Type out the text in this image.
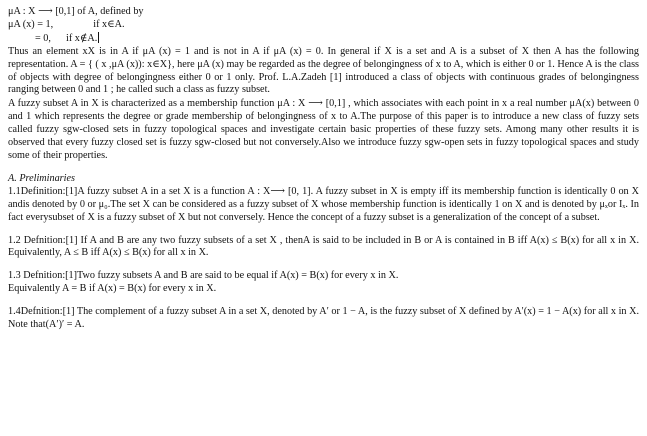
μA : X ⟶ [0,1] of A, defined by
μA (x) = 1,	if x∈A.
= 0, if x∉A.

Thus an element xX is in A if μA (x) = 1 and is not in A if μA (x) = 0. In general if X is a set and A is a subset of X then A has the following representation. A = { ( x ,μA (x)): x∈X}, here μA (x) may be regarded as the degree of belongingness of x to A, which is either 0 or 1. Hence A is the class of objects with degree of belongingness either 0 or 1 only. Prof. L.A.Zadeh [1] introduced a class of objects with continuous grades of belongingness ranging between 0 and 1 ; he called such a class as fuzzy subset.

A fuzzy subset A in X is characterized as a membership function μA : X ⟶ [0,1] , which associates with each point in x a real number μA(x) between 0 and 1 which represents the degree or grade membership of belongingness of x to A.The purpose of this paper is to introduce a new class of fuzzy sets called fuzzy sgw-closed sets in fuzzy topological spaces and investigate certain basic properties of these fuzzy sets. Among many other results it is observed that every fuzzy closed set is fuzzy sgw-closed but not conversely.Also we introduce fuzzy sgw-open sets in fuzzy topological spaces and study some of their properties.

A. Preliminaries

1.1Definition:[1]A fuzzy subset A in a set X is a function A : X⟶ [0, 1]. A fuzzy subset in X is empty iff its membership function is identically 0 on X andis denoted by 0 or μ₀.The set X can be considered as a fuzzy subset of X whose membership function is identically 1 on X and is denoted by μₓor Iₓ. In fact everysubset of X is a fuzzy subset of X but not conversely. Hence the concept of a fuzzy subset is a generalization of the concept of a subset.

1.2 Defnition:[1] If A and B are any two fuzzy subsets of a set X , thenA is said to be included in B or A is contained in B iff A(x) ≤ B(x) for all x in X. Equivalently, A ≤ B iff A(x) ≤ B(x) for all x in X.

1.3 Defnition:[1]Two fuzzy subsets A and B are said to be equal if A(x) = B(x) for every x in X.
Equivalently A = B if A(x) = B(x) for every x in X.

1.4Defnition:[1] The complement of a fuzzy subset A in a set X, denoted by A′ or 1 − A, is the fuzzy subset of X defined by A′(x) = 1 − A(x) for all x in X. Note that(A′)′ = A.
